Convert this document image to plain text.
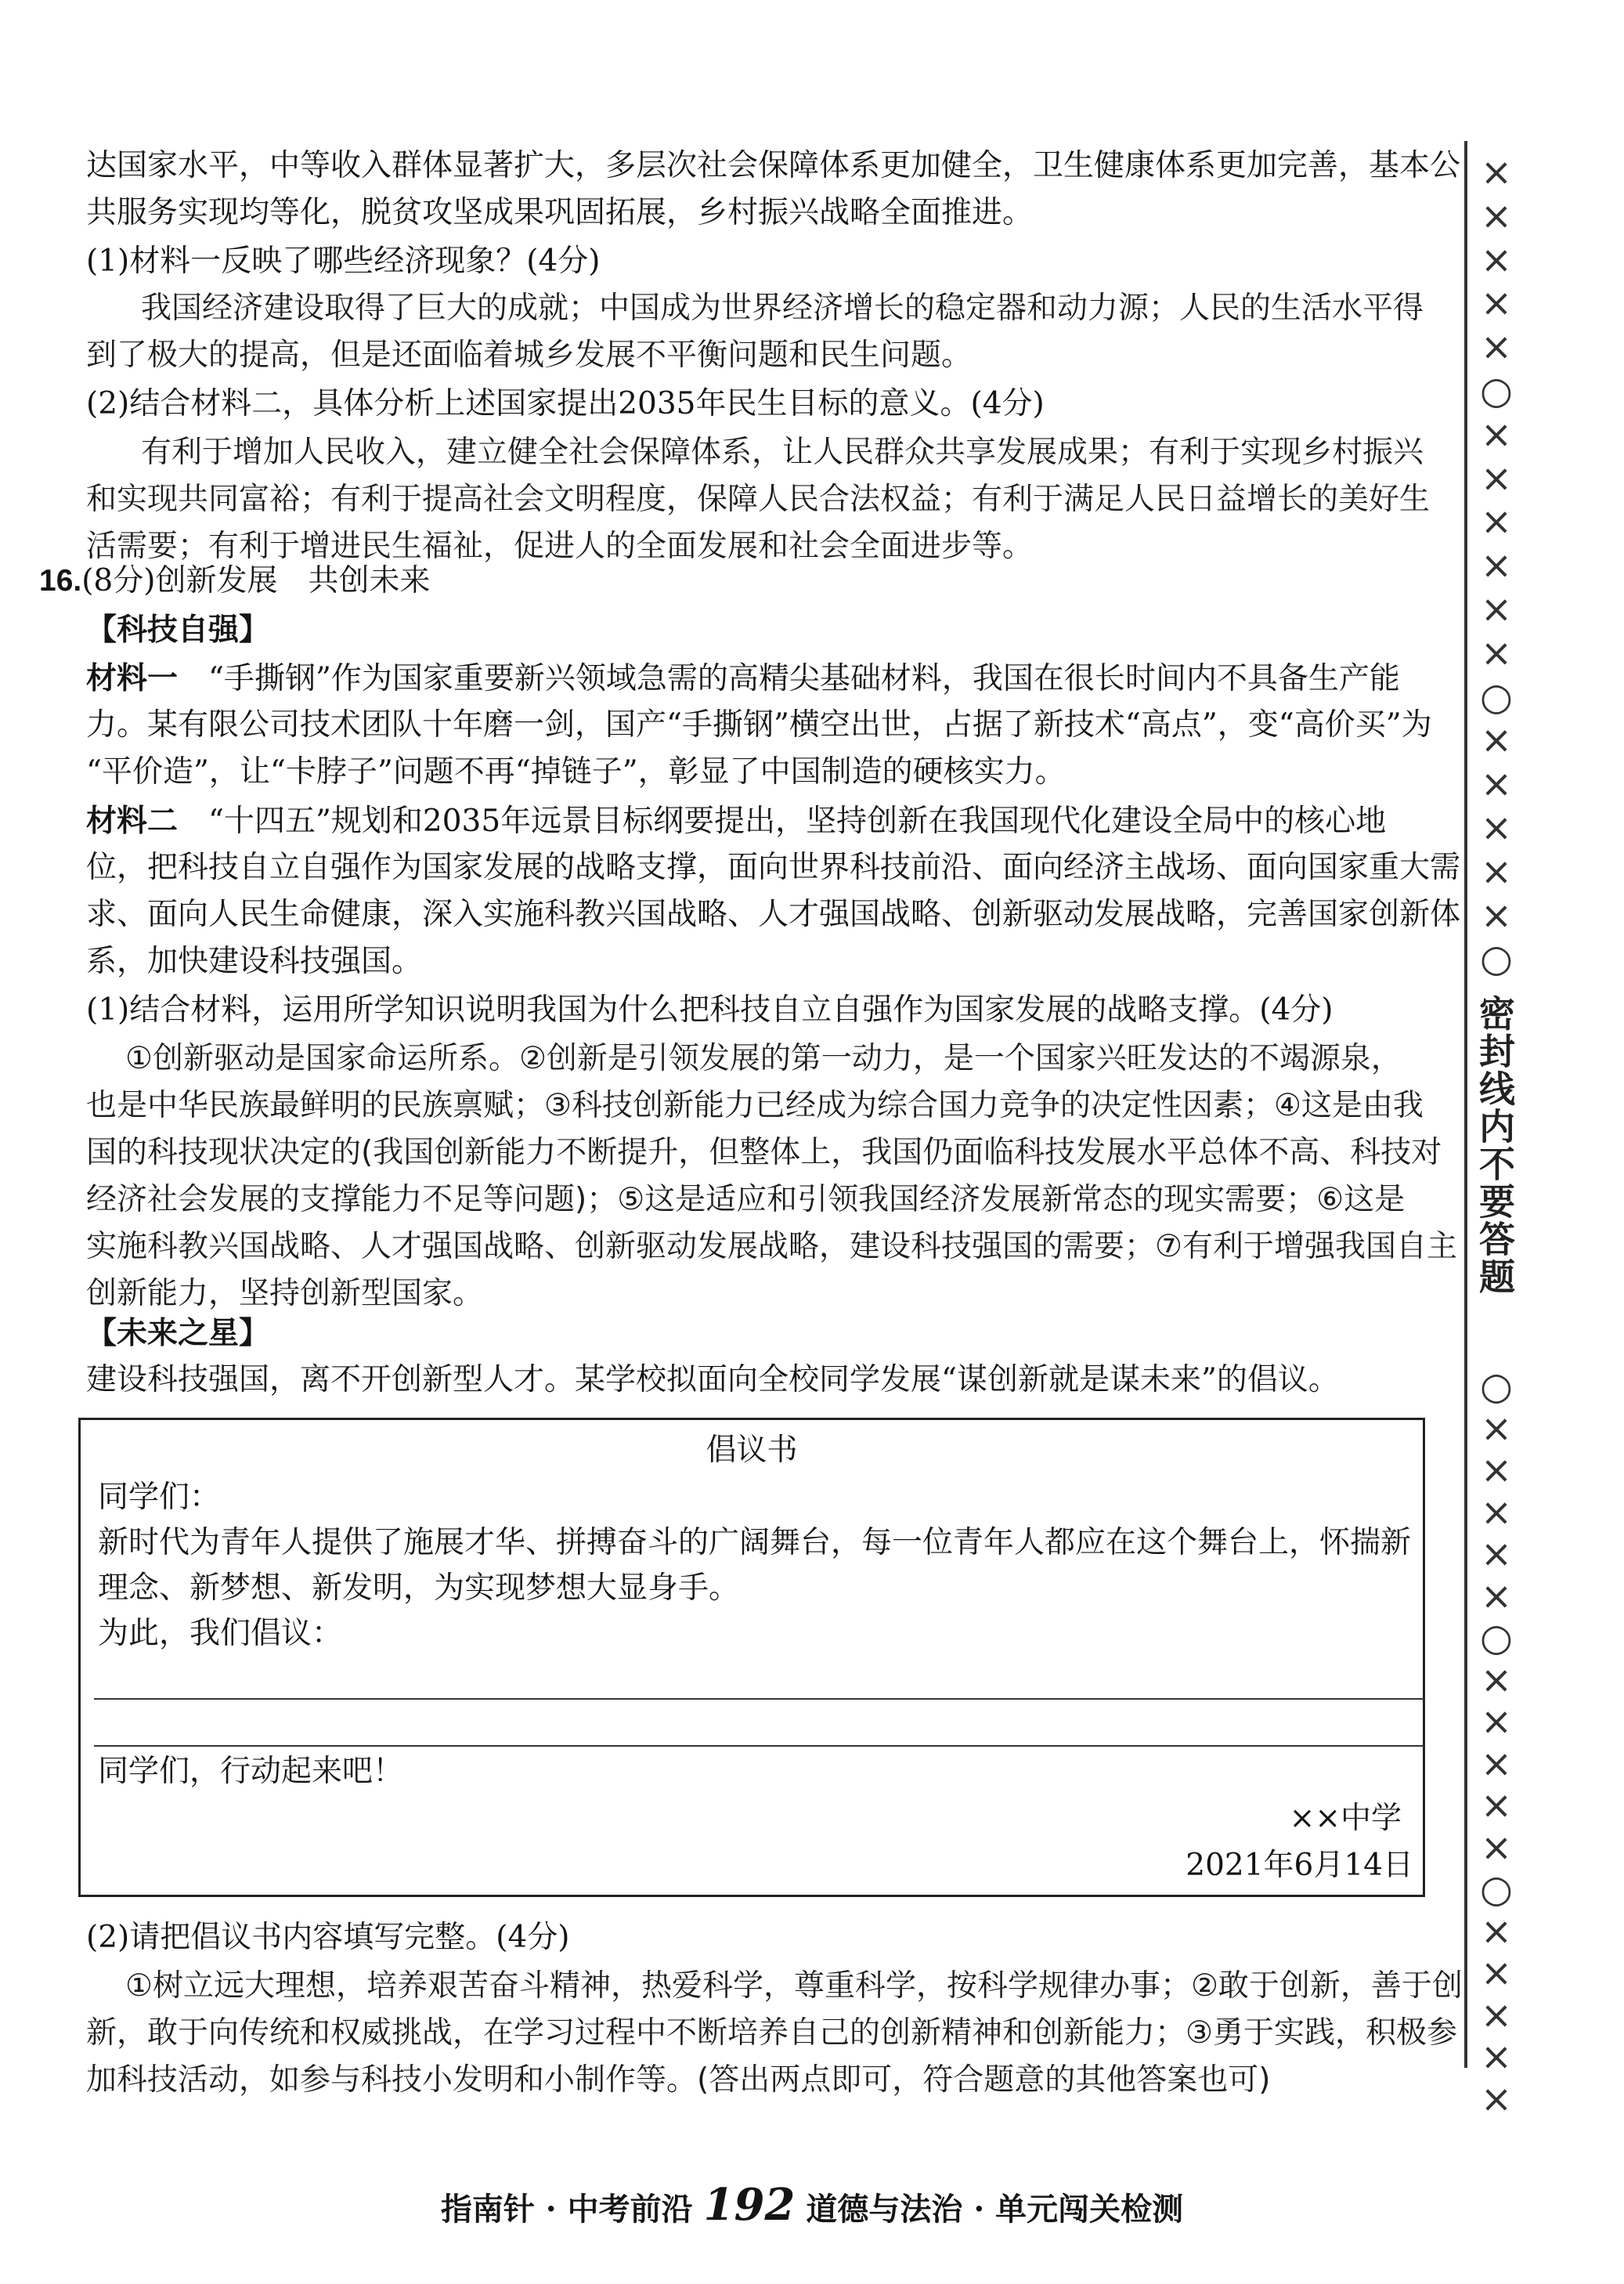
达国家水平，中等收入群体显著扩大，多层次社会保障体系更加健全，卫生健康体系更加完善，基本公
共服务实现均等化，脱贫攻坚成果巩固拓展，乡村振兴战略全面推进。
(1)材料一反映了哪些经济现象？(4分)
我国经济建设取得了巨大的成就；中国成为世界经济增长的稳定器和动力源；人民的生活水平得
到了极大的提高，但是还面临着城乡发展不平衡问题和民生问题。
(2)结合材料二，具体分析上述国家提出2035年民生目标的意义。(4分)
有利于增加人民收入，建立健全社会保障体系，让人民群众共享发展成果；有利于实现乡村振兴
和实现共同富裕；有利于提高社会文明程度，保障人民合法权益；有利于满足人民日益增长的美好生
活需要；有利于增进民生福祉，促进人的全面发展和社会全面进步等。
16.(8分)创新发展　共创未来
【科技自强】
材料一　 “手撕钢”作为国家重要新兴领域急需的高精尖基础材料，我国在很长时间内不具备生产能
力。某有限公司技术团队十年磨一剑，国产“手撕钢”横空出世，占据了新技术“高点”，变“高价买”为
“平价造”，让“卡脖子”问题不再“掉链子”，彰显了中国制造的硬核实力。
材料二　 “十四五”规划和2035年远景目标纲要提出，坚持创新在我国现代化建设全局中的核心地
位，把科技自立自强作为国家发展的战略支撑，面向世界科技前沿、面向经济主战场、面向国家重大需
求、面向人民生命健康，深入实施科教兴国战略、人才强国战略、创新驱动发展战略，完善国家创新体
系，加快建设科技强国。
(1)结合材料，运用所学知识说明我国为什么把科技自立自强作为国家发展的战略支撑。(4分)
①创新驱动是国家命运所系。②创新是引领发展的第一动力，是一个国家兴旺发达的不竭源泉，
也是中华民族最鲜明的民族禀赋；③科技创新能力已经成为综合国力竞争的决定性因素；④这是由我
国的科技现状决定的(我国创新能力不断提升，但整体上，我国仍面临科技发展水平总体不高、科技对
经济社会发展的支撑能力不足等问题)；⑤这是适应和引领我国经济发展新常态的现实需要；⑥这是
实施科教兴国战略、人才强国战略、创新驱动发展战略，建设科技强国的需要；⑦有利于增强我国自主
创新能力，坚持创新型国家。
【未来之星】
建设科技强国，离不开创新型人才。某学校拟面向全校同学发展“谋创新就是谋未来”的倡议。
倡议书
同学们：
新时代为青年人提供了施展才华、拼搏奋斗的广阔舞台，每一位青年人都应在这个舞台上，怀揣新
理念、新梦想、新发明，为实现梦想大显身手。
为此，我们倡议：
同学们，行动起来吧！
××中学
2021年6月14日
(2)请把倡议书内容填写完整。(4分)
①树立远大理想，培养艰苦奋斗精神，热爱科学，尊重科学，按科学规律办事；②敢于创新，善于创
新，敢于向传统和权威挑战，在学习过程中不断培养自己的创新精神和创新能力；③勇于实践，积极参
加科技活动，如参与科技小发明和小制作等。(答出两点即可，符合题意的其他答案也可)
×
×
×
×
×
○
×
×
×
×
×
×
○
×
×
×
×
×
○
密封线内不要答题
○
×
×
×
×
×
○
×
×
×
×
×
○
×
×
×
×
×
指南针 · 中考前沿 192 道德与法治 · 单元闯关检测
